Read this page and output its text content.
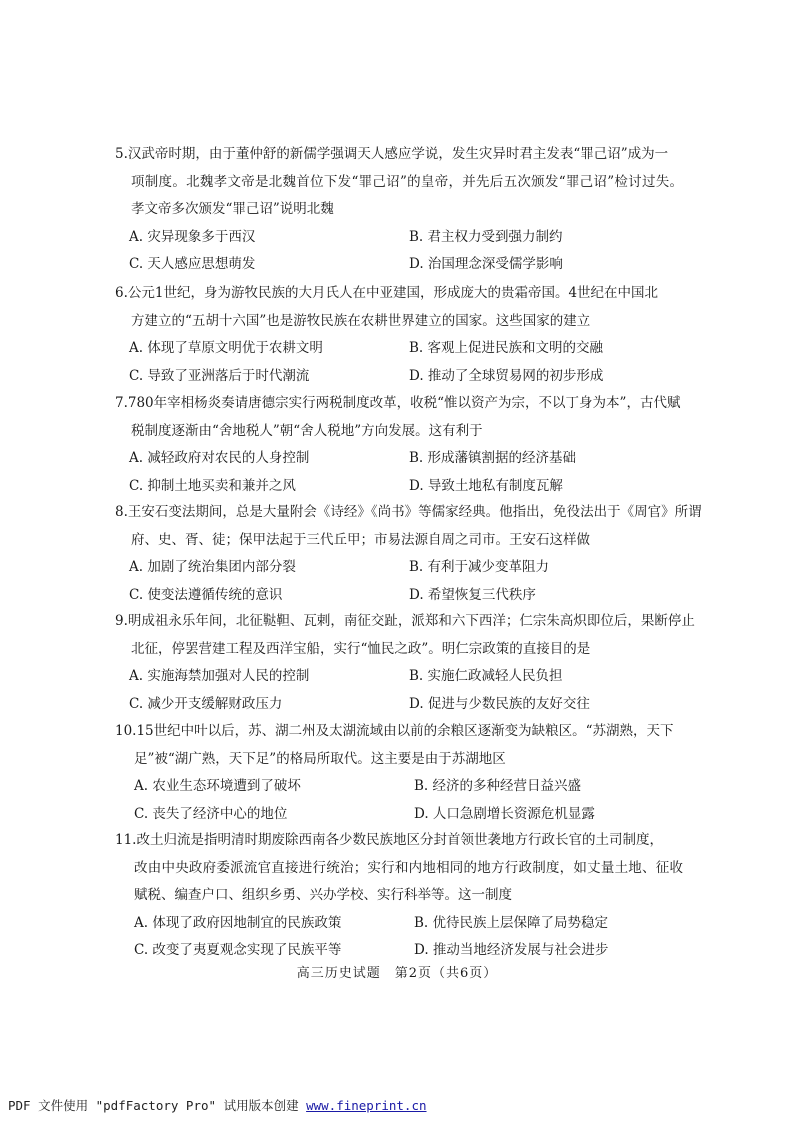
5.汉武帝时期，由于董仲舒的新儒学强调天人感应学说，发生灾异时君主发表“罪己诏”成为一
项制度。北魏孝文帝是北魏首位下发“罪己诏”的皇帝，并先后五次颁发“罪己诏”检讨过失。孝文帝多次颁发“罪己诏”说明北魏

A. 灾异现象多于西汉	B. 君主权力受到强力制约
C. 天人感应思想萌发	D. 治国理念深受儒学影响

6.公元1世纪，身为游牧民族的大月氏人在中亚建国，形成庞大的贵霜帝国。4世纪在中国北
方建立的“五胡十六国”也是游牧民族在农耕世界建立的国家。这些国家的建立

A. 体现了草原文明优于农耕文明	B. 客观上促进民族和文明的交融
C. 导致了亚洲落后于时代潮流	D. 推动了全球贸易网的初步形成

7.780年宰相杨炎奏请唐德宗实行两税制度改革，收税“惟以资产为宗，不以丁身为本”，古代赋
税制度逐渐由“舍地税人”朝“舍人税地”方向发展。这有利于

A. 减轻政府对农民的人身控制	B. 形成藩镇割据的经济基础
C. 抑制土地买卖和兼并之风	D. 导致土地私有制度瓦解

8.王安石变法期间，总是大量附会《诗经》《尚书》等儒家经典。他指出，免役法出于《周官》所谓
府、史、胥、徒；保甲法起于三代丘甲；市易法源自周之司市。王安石这样做

A. 加剧了统治集团内部分裂	B. 有利于减少变革阻力
C. 使变法遵循传统的意识	D. 希望恢复三代秩序

9.明成祖永乐年间，北征鞑靼、瓦剌，南征交趾，派郑和六下西洋；仁宗朱高炽即位后，果断停止
北征，停罢营建工程及西洋宝船，实行“恤民之政”。明仁宗政策的直接目的是

A. 实施海禁加强对人民的控制	B. 实施仁政减轻人民负担
C. 减少开支缓解财政压力	D. 促进与少数民族的友好交往

10.15世纪中叶以后，苏、湖二州及太湖流域由以前的余粮区逐渐变为缺粮区。“苏湖熟，天下
足”被“湖广熟，天下足”的格局所取代。这主要是由于苏湖地区

A. 农业生态环境遭到了破坏	B. 经济的多种经营日益兴盛
C. 丧失了经济中心的地位	D. 人口急剧增长资源危机显露

11.改土归流是指明清时期废除西南各少数民族地区分封首领世袭地方行政长官的土司制度，
改由中央政府委派流官直接进行统治；实行和内地相同的地方行政制度，如丈量土地、征收赋税、编查户口、组织乡勇、兴办学校、实行科举等。这一制度

A. 体现了政府因地制宜的民族政策	B. 优待民族上层保障了局势稳定
C. 改变了夷夏观念实现了民族平等	D. 推动当地经济发展与社会进步
高三历史试题　第2页（共6页）
PDF 文件使用 "pdfFactory Pro" 试用版本创建 www.fineprint.cn
